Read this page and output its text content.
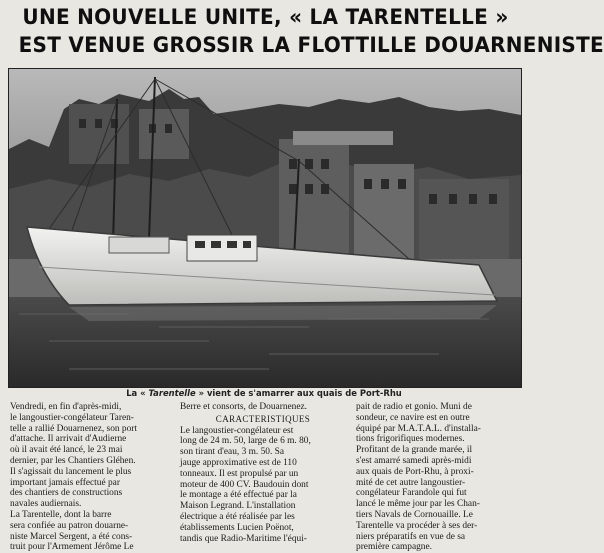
UNE NOUVELLE UNITE, « LA TARENTELLE »
EST VENUE GROSSIR LA FLOTTILLE DOUARNENISTE
La « Tarentelle » vient de s'amarrer aux quais de Port-Rhu
Vendredi, en fin d'après-midi,
le langoustier-congélateur Taren-
telle a rallié Douarnenez, son port
d'attache. Il arrivait d'Audierne
où il avait été lancé, le 23 mai
dernier, par les Chantiers Gléhen.
Il s'agissait du lancement le plus
important jamais effectué par
des chantiers de constructions
navales audiernais.
La Tarentelle, dont la barre
sera confiée au patron douarne-
niste Marcel Sergent, a été cons-
truit pour l'Armement Jérôme Le
Berre et consorts, de Douarnenez.
CARACTERISTIQUES
Le langoustier-congélateur est
long de 24 m. 50, large de 6 m. 80,
son tirant d'eau, 3 m. 50. Sa
jauge approximative est de 110
tonneaux. Il est propulsé par un
moteur de 400 CV. Baudouin dont
le montage a été effectué par la
Maison Legrand. L'installation
électrique a été réalisée par les
établissements Lucien Poënot,
tandis que Radio-Maritime l'équi-
pait de radio et gonio. Muni de
sondeur, ce navire est en outre
équipé par M.A.T.A.L. d'installa-
tions frigorifiques modernes.
Profitant de la grande marée, il
s'est amarré samedi après-midi
aux quais de Port-Rhu, à proxi-
mité de cet autre langoustier-
congélateur Farandole qui fut
lancé le même jour par les Chan-
tiers Navals de Cornouaille. Le
Tarentelle va procéder à ses der-
niers préparatifs en vue de sa
première campagne.
